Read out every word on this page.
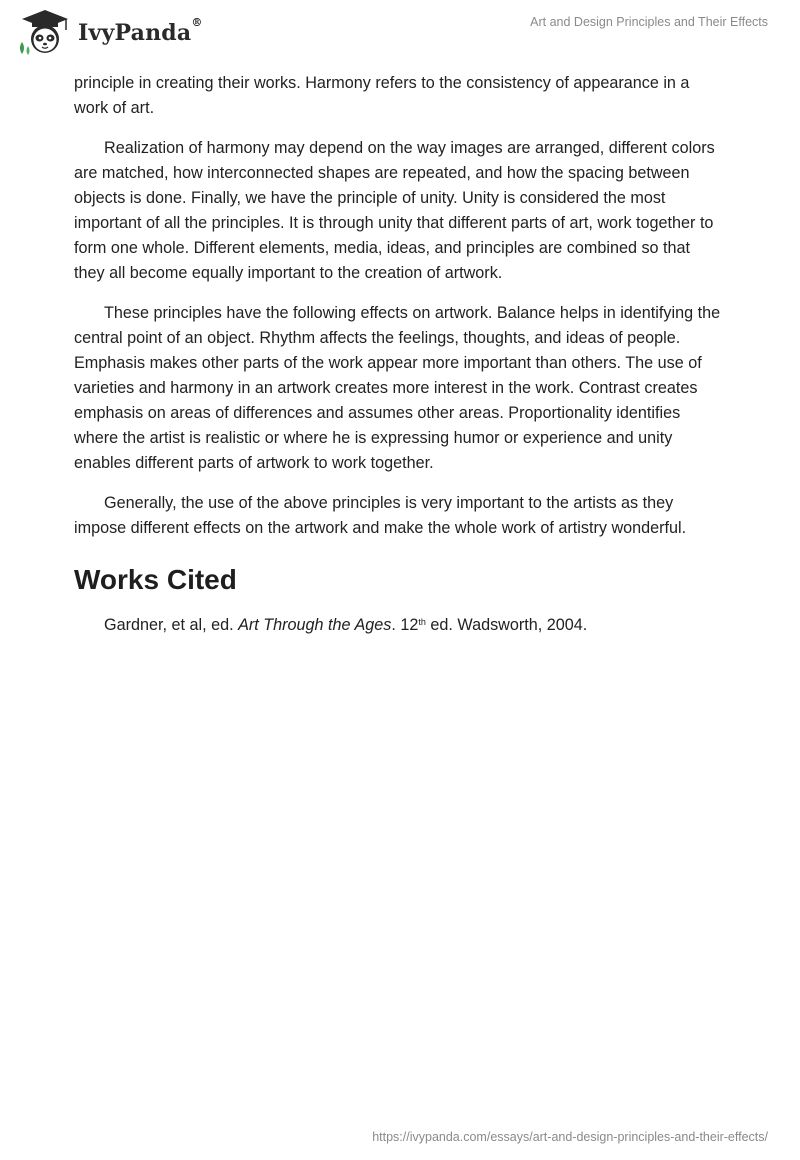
IvyPanda®	Art and Design Principles and Their Effects

principle in creating their works. Harmony refers to the consistency of appearance in a work of art.

Realization of harmony may depend on the way images are arranged, different colors are matched, how interconnected shapes are repeated, and how the spacing between objects is done. Finally, we have the principle of unity. Unity is considered the most important of all the principles. It is through unity that different parts of art, work together to form one whole. Different elements, media, ideas, and principles are combined so that they all become equally important to the creation of artwork.

These principles have the following effects on artwork. Balance helps in identifying the central point of an object. Rhythm affects the feelings, thoughts, and ideas of people. Emphasis makes other parts of the work appear more important than others. The use of varieties and harmony in an artwork creates more interest in the work. Contrast creates emphasis on areas of differences and assumes other areas. Proportionality identifies where the artist is realistic or where he is expressing humor or experience and unity enables different parts of artwork to work together.

Generally, the use of the above principles is very important to the artists as they impose different effects on the artwork and make the whole work of artistry wonderful.

Works Cited
Gardner, et al, ed. Art Through the Ages. 12th ed. Wadsworth, 2004.
https://ivypanda.com/essays/art-and-design-principles-and-their-effects/
